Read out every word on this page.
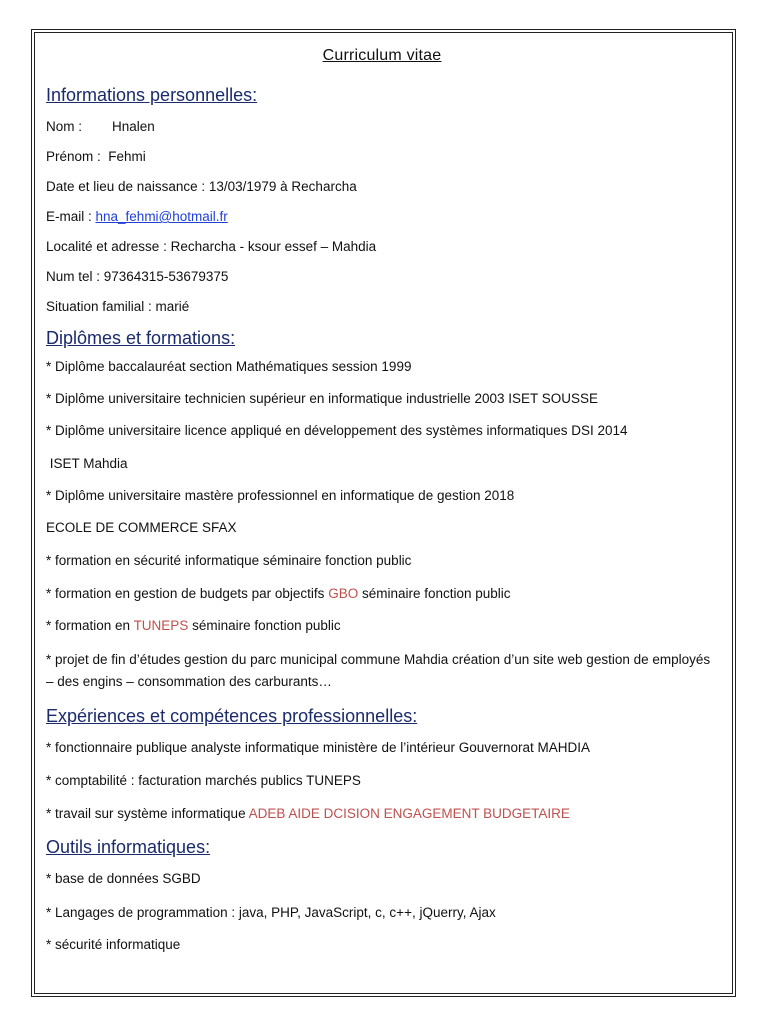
Curriculum vitae
Informations personnelles:

Nom : Hnalen

Prénom : Fehmi

Date et lieu de naissance : 13/03/1979 à Recharcha

E-mail : hna_fehmi@hotmail.fr

Localité et adresse : Recharcha - ksour essef – Mahdia

Num tel : 97364315-53679375

Situation familial : marié

Diplômes et formations:

* Diplôme baccalauréat section Mathématiques session 1999

* Diplôme universitaire technicien supérieur en informatique industrielle 2003 ISET SOUSSE

* Diplôme universitaire licence appliqué en développement des systèmes informatiques DSI 2014

ISET Mahdia

* Diplôme universitaire mastère professionnel en informatique de gestion 2018

ECOLE DE COMMERCE SFAX

* formation en sécurité informatique séminaire fonction public

* formation en gestion de budgets par objectifs GBO séminaire fonction public

* formation en TUNEPS séminaire fonction public

* projet de fin d’études gestion du parc municipal commune Mahdia création d’un site web gestion de employés – des engins – consommation des carburants…

Expériences et compétences professionnelles:

* fonctionnaire publique analyste informatique ministère de l’intérieur Gouvernorat MAHDIA

* comptabilité : facturation marchés publics TUNEPS

* travail sur système informatique ADEB AIDE DCISION ENGAGEMENT BUDGETAIRE

Outils informatiques:

* base de données SGBD

* Langages de programmation : java, PHP, JavaScript, c, c++, jQuerry, Ajax

* sécurité informatique
